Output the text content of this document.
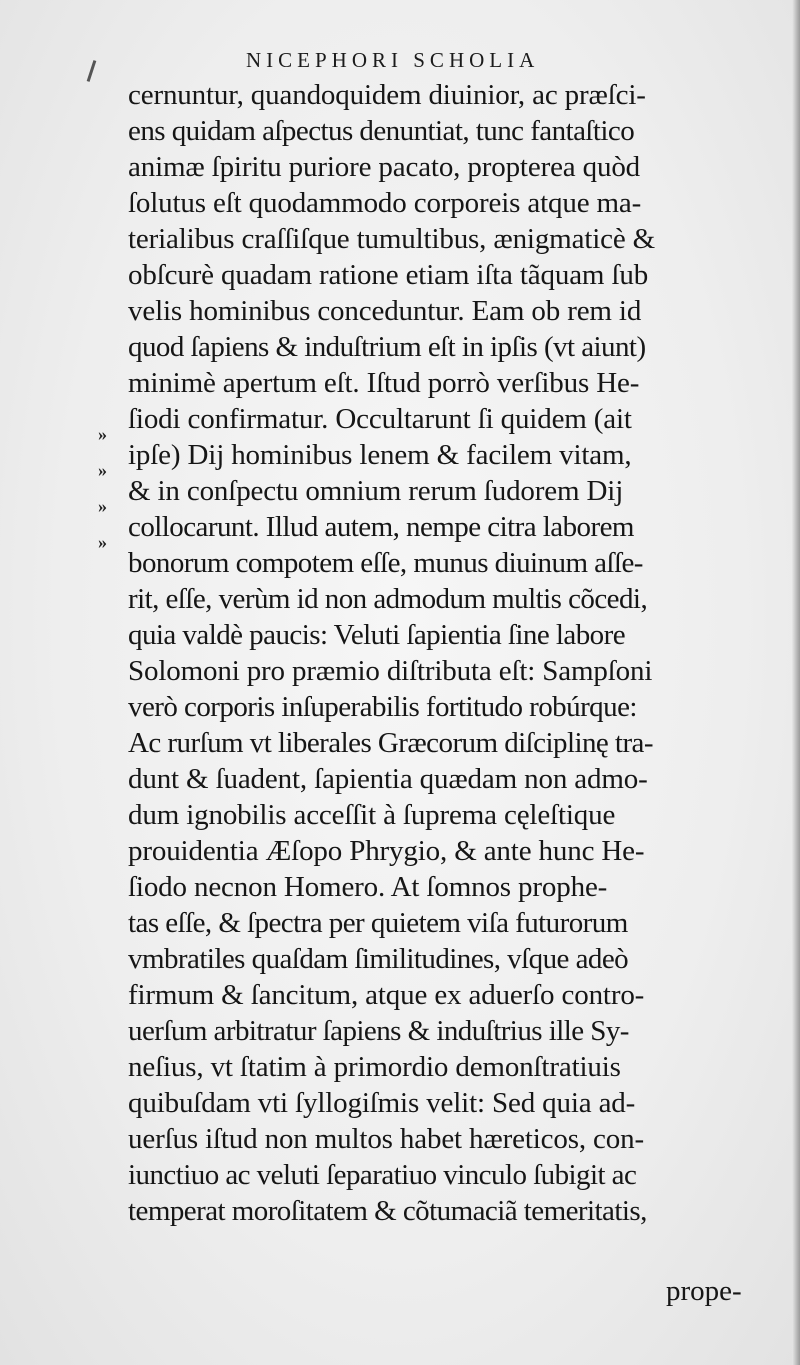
NICEPHORI SCHOLIA
»
»
»
»
cernuntur, quandoquidem diuinior, ac præſci-
ens quidam aſpectus denuntiat, tunc fantaſtico
animæ ſpiritu puriore pacato, propterea quòd
ſolutus eſt quodammodo corporeis atque ma-
terialibus craſſiſque tumultibus, ænigmaticè &
obſcurè quadam ratione etiam iſta tãquam ſub
velis hominibus conceduntur. Eam ob rem id
quod ſapiens & induſtrium eſt in ipſis (vt aiunt)
minimè apertum eſt. Iſtud porrò verſibus He-
ſiodi confirmatur. Occultarunt ſi quidem (ait
ipſe) Dij hominibus lenem & facilem vitam,
& in conſpectu omnium rerum ſudorem Dij
collocarunt. Illud autem, nempe citra laborem
bonorum compotem eſſe, munus diuinum aſſe-
rit, eſſe, verùm id non admodum multis cõcedi,
quia valdè paucis: Veluti ſapientia ſine labore
Solomoni pro præmio diſtributa eſt: Sampſoni
verò corporis inſuperabilis fortitudo robúrque:
Ac rurſum vt liberales Græcorum diſciplinę tra-
dunt & ſuadent, ſapientia quædam non admo-
dum ignobilis acceſſit à ſuprema cęleſtique
prouidentia Æſopo Phrygio, & ante hunc He-
ſiodo necnon Homero. At ſomnos prophe-
tas eſſe, & ſpectra per quietem viſa futurorum
vmbratiles quaſdam ſimilitudines, vſque adeò
firmum & ſancitum, atque ex aduerſo contro-
uerſum arbitratur ſapiens & induſtrius ille Sy-
neſius, vt ſtatim à primordio demonſtratiuis
quibuſdam vti ſyllogiſmis velit: Sed quia ad-
uerſus iſtud non multos habet hæreticos, con-
iunctiuo ac veluti ſeparatiuo vinculo ſubigit ac
temperat moroſitatem & cõtumaciã temeritatis,
prope-
